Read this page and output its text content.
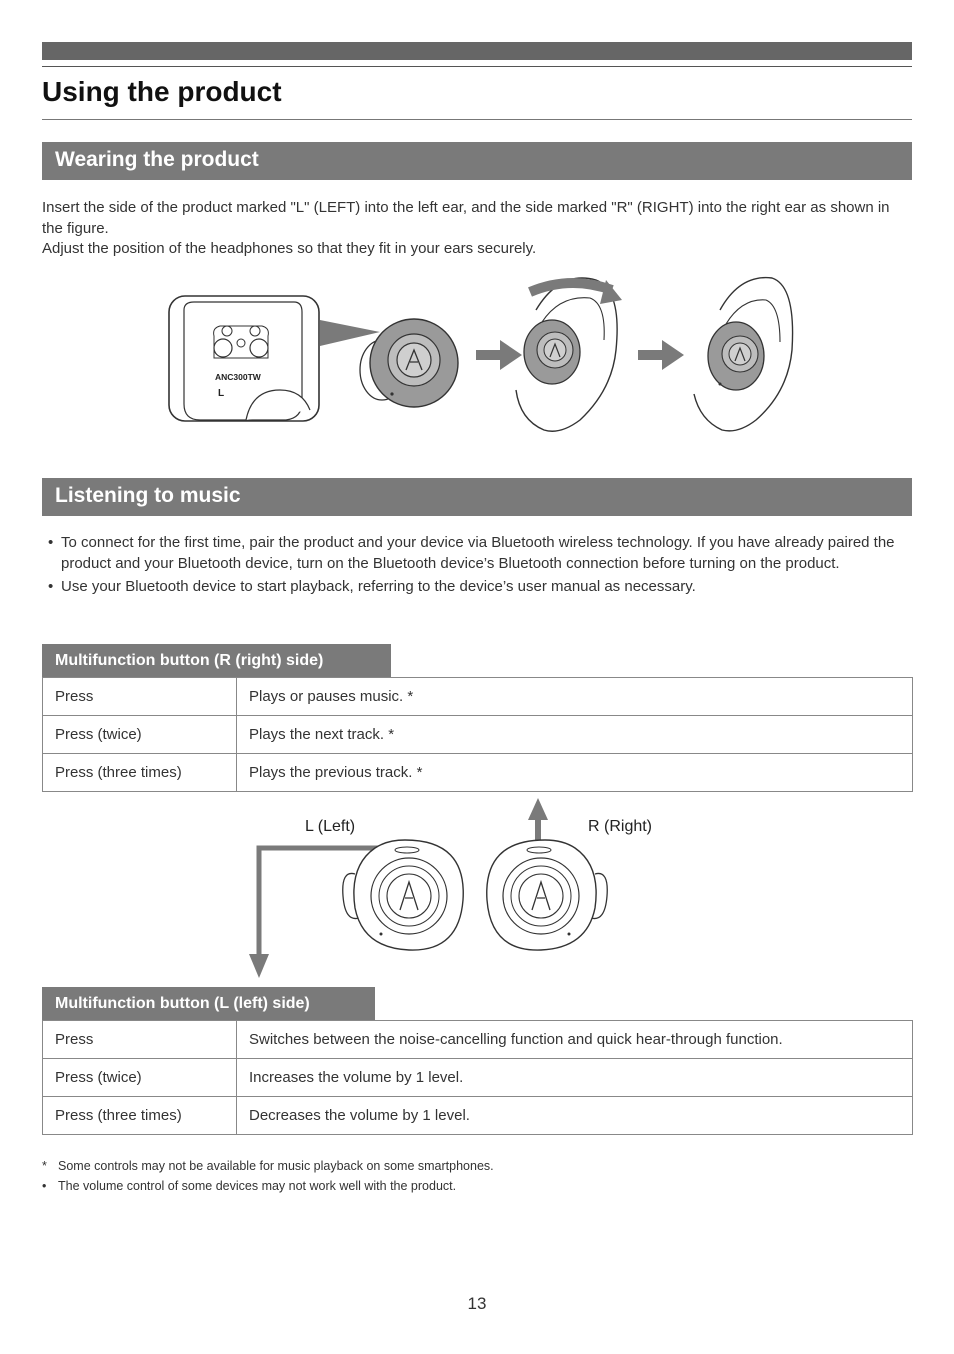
Using the product
Wearing the product

Insert the side of the product marked "L" (LEFT) into the left ear, and the side marked "R" (RIGHT) into the right ear as shown in the figure.
Adjust the position of the headphones so that they fit in your ears securely.

ANC300TW
L
Listening to music
• To connect for the first time, pair the product and your device via Bluetooth wireless technology. If you have already paired the product and your Bluetooth device, turn on the Bluetooth device’s Bluetooth connection before turning on the product.
• Use your Bluetooth device to start playback, referring to the device’s user manual as necessary.
Multifunction button (R (right) side)
Press	Plays or pauses music. *
Press (twice)	Plays the next track. *
Press (three times)	Plays the previous track. *
L (Left)	R (Right)
Multifunction button (L (left) side)
Press	Switches between the noise-cancelling function and quick hear-through function.
Press (twice)	Increases the volume by 1 level.
Press (three times)	Decreases the volume by 1 level.
* Some controls may not be available for music playback on some smartphones.
• The volume control of some devices may not work well with the product.
13
